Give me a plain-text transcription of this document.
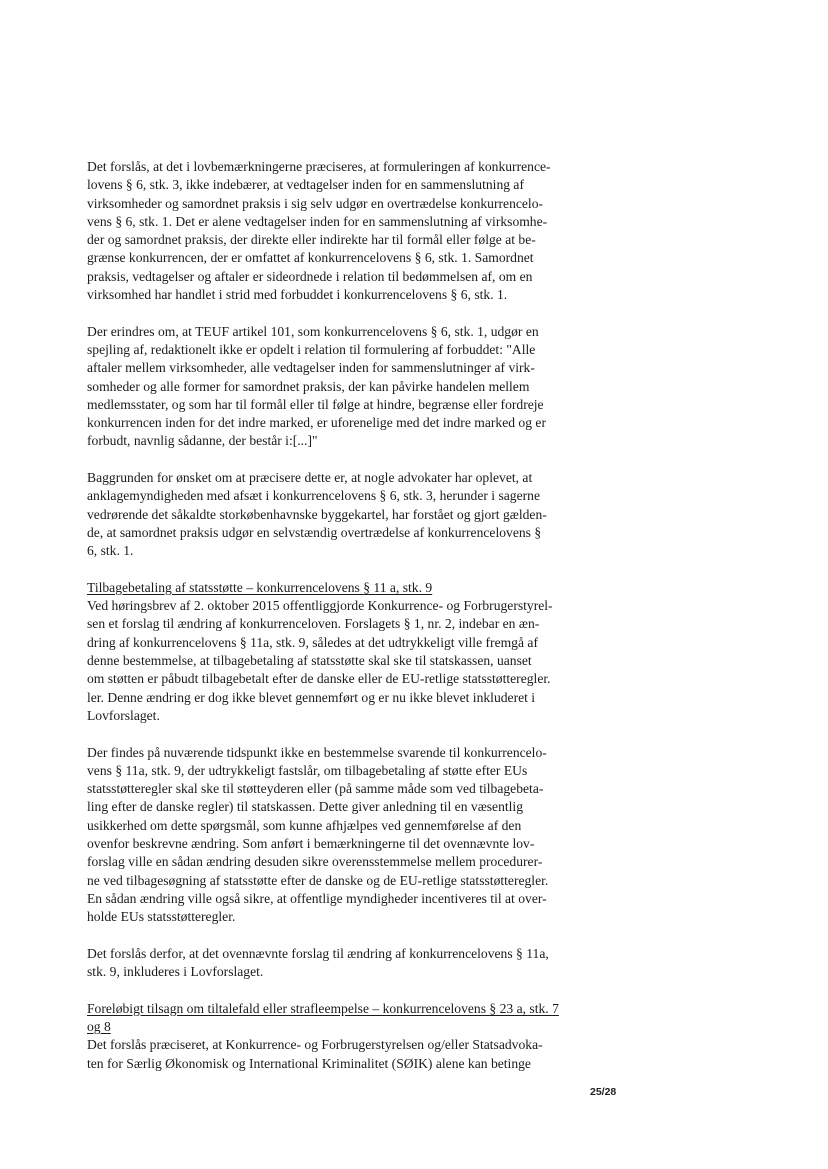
Det forslås, at det i lovbemærkningerne præciseres, at formuleringen af konkurrence-
lovens § 6, stk. 3, ikke indebærer, at vedtagelser inden for en sammenslutning af
virksomheder og samordnet praksis i sig selv udgør en overtrædelse konkurrencelo-
vens § 6, stk. 1. Det er alene vedtagelser inden for en sammenslutning af virksomhe-
der og samordnet praksis, der direkte eller indirekte har til formål eller følge at be-
grænse konkurrencen, der er omfattet af konkurrencelovens § 6, stk. 1. Samordnet
praksis, vedtagelser og aftaler er sideordnede i relation til bedømmelsen af, om en
virksomhed har handlet i strid med forbuddet i konkurrencelovens § 6, stk. 1.

Der erindres om, at TEUF artikel 101, som konkurrencelovens § 6, stk. 1, udgør en
spejling af, redaktionelt ikke er opdelt i relation til formulering af forbuddet: "Alle
aftaler mellem virksomheder, alle vedtagelser inden for sammenslutninger af virk-
somheder og alle former for samordnet praksis, der kan påvirke handelen mellem
medlemsstater, og som har til formål eller til følge at hindre, begrænse eller fordreje
konkurrencen inden for det indre marked, er uforenelige med det indre marked og er
forbudt, navnlig sådanne, der består i:[...]"

Baggrunden for ønsket om at præcisere dette er, at nogle advokater har oplevet, at
anklagemyndigheden med afsæt i konkurrencelovens § 6, stk. 3, herunder i sagerne
vedrørende det såkaldte storkøbenhavnske byggekartel, har forstået og gjort gælden-
de, at samordnet praksis udgør en selvstændig overtrædelse af konkurrencelovens §
6, stk. 1.

Tilbagebetaling af statsstøtte – konkurrencelovens § 11 a, stk. 9

Ved høringsbrev af 2. oktober 2015 offentliggjorde Konkurrence- og Forbrugerstyrel-
sen et forslag til ændring af konkurrenceloven. Forslagets § 1, nr. 2, indebar en æn-
dring af konkurrencelovens § 11a, stk. 9, således at det udtrykkeligt ville fremgå af
denne bestemmelse, at tilbagebetaling af statsstøtte skal ske til statskassen, uanset
om støtten er påbudt tilbagebetalt efter de danske eller de EU-retlige statsstøtteregler.
ler. Denne ændring er dog ikke blevet gennemført og er nu ikke blevet inkluderet i
Lovforslaget.

Der findes på nuværende tidspunkt ikke en bestemmelse svarende til konkurrencelo-
vens § 11a, stk. 9, der udtrykkeligt fastslår, om tilbagebetaling af støtte efter EUs
statsstøtteregler skal ske til støtteyderen eller (på samme måde som ved tilbagebeta-
ling efter de danske regler) til statskassen. Dette giver anledning til en væsentlig
usikkerhed om dette spørgsmål, som kunne afhjælpes ved gennemførelse af den
ovenfor beskrevne ændring. Som anført i bemærkningerne til det ovennævnte lov-
forslag ville en sådan ændring desuden sikre overensstemmelse mellem procedurer-
ne ved tilbagesøgning af statsstøtte efter de danske og de EU-retlige statsstøtteregler.
En sådan ændring ville også sikre, at offentlige myndigheder incentiveres til at over-
holde EUs statsstøtteregler.

Det forslås derfor, at det ovennævnte forslag til ændring af konkurrencelovens § 11a,
stk. 9, inkluderes i Lovforslaget.

Foreløbigt tilsagn om tiltalefald eller strafleempelse – konkurrencelovens § 23 a, stk. 7
og 8

Det forslås præciseret, at Konkurrence- og Forbrugerstyrelsen og/eller Statsadvoka-
ten for Særlig Økonomisk og International Kriminalitet (SØIK) alene kan betinge

25/28
